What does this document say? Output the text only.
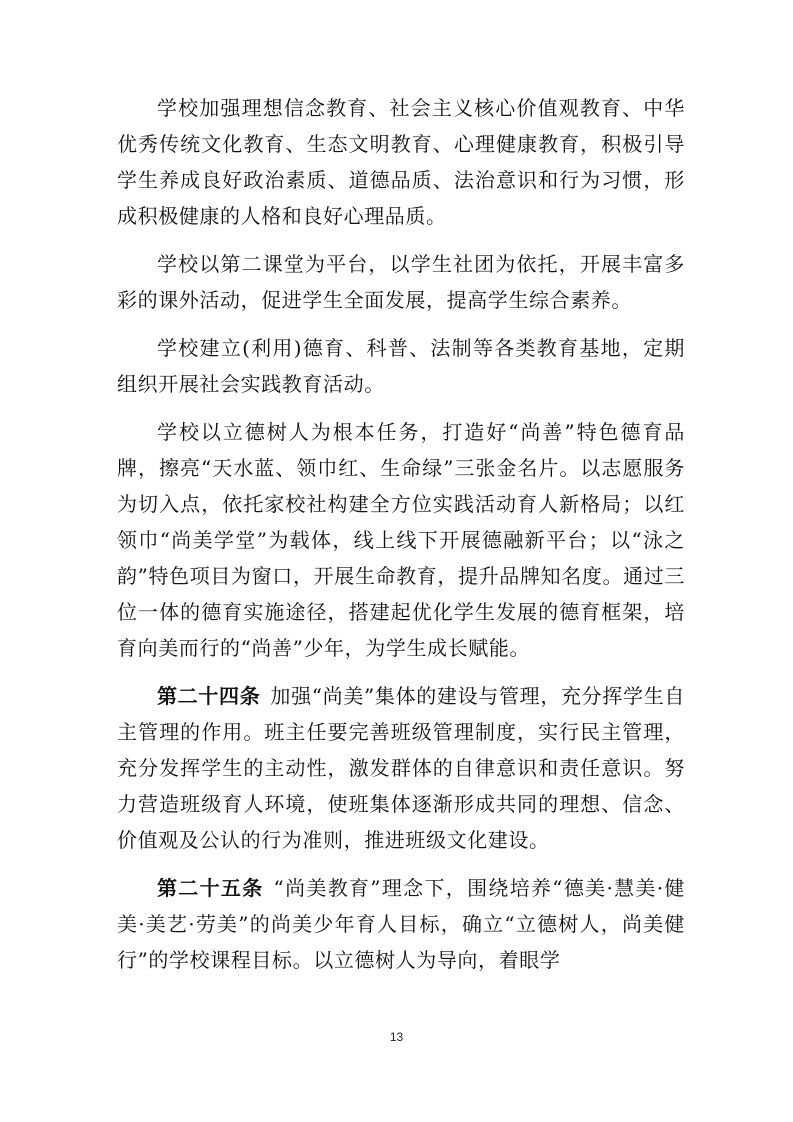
学校加强理想信念教育、社会主义核心价值观教育、中华优秀传统文化教育、生态文明教育、心理健康教育，积极引导学生养成良好政治素质、道德品质、法治意识和行为习惯，形成积极健康的人格和良好心理品质。

学校以第二课堂为平台，以学生社团为依托，开展丰富多彩的课外活动，促进学生全面发展，提高学生综合素养。

学校建立(利用)德育、科普、法制等各类教育基地，定期组织开展社会实践教育活动。

学校以立德树人为根本任务，打造好“尚善”特色德育品牌，擦亮“天水蓝、领巾红、生命绿”三张金名片。以志愿服务为切入点，依托家校社构建全方位实践活动育人新格局；以红领巾“尚美学堂”为载体，线上线下开展德融新平台；以“泳之韵”特色项目为窗口，开展生命教育，提升品牌知名度。通过三位一体的德育实施途径，搭建起优化学生发展的德育框架，培育向美而行的“尚善”少年，为学生成长赋能。

第二十四条 加强“尚美”集体的建设与管理，充分挥学生自主管理的作用。班主任要完善班级管理制度，实行民主管理，充分发挥学生的主动性，激发群体的自律意识和责任意识。努力营造班级育人环境，使班集体逐渐形成共同的理想、信念、价值观及公认的行为准则，推进班级文化建设。

第二十五条 “尚美教育”理念下，围绕培养“德美·慧美·健美·美艺·劳美”的尚美少年育人目标，确立“立德树人，尚美健行”的学校课程目标。以立德树人为导向，着眼学

13
